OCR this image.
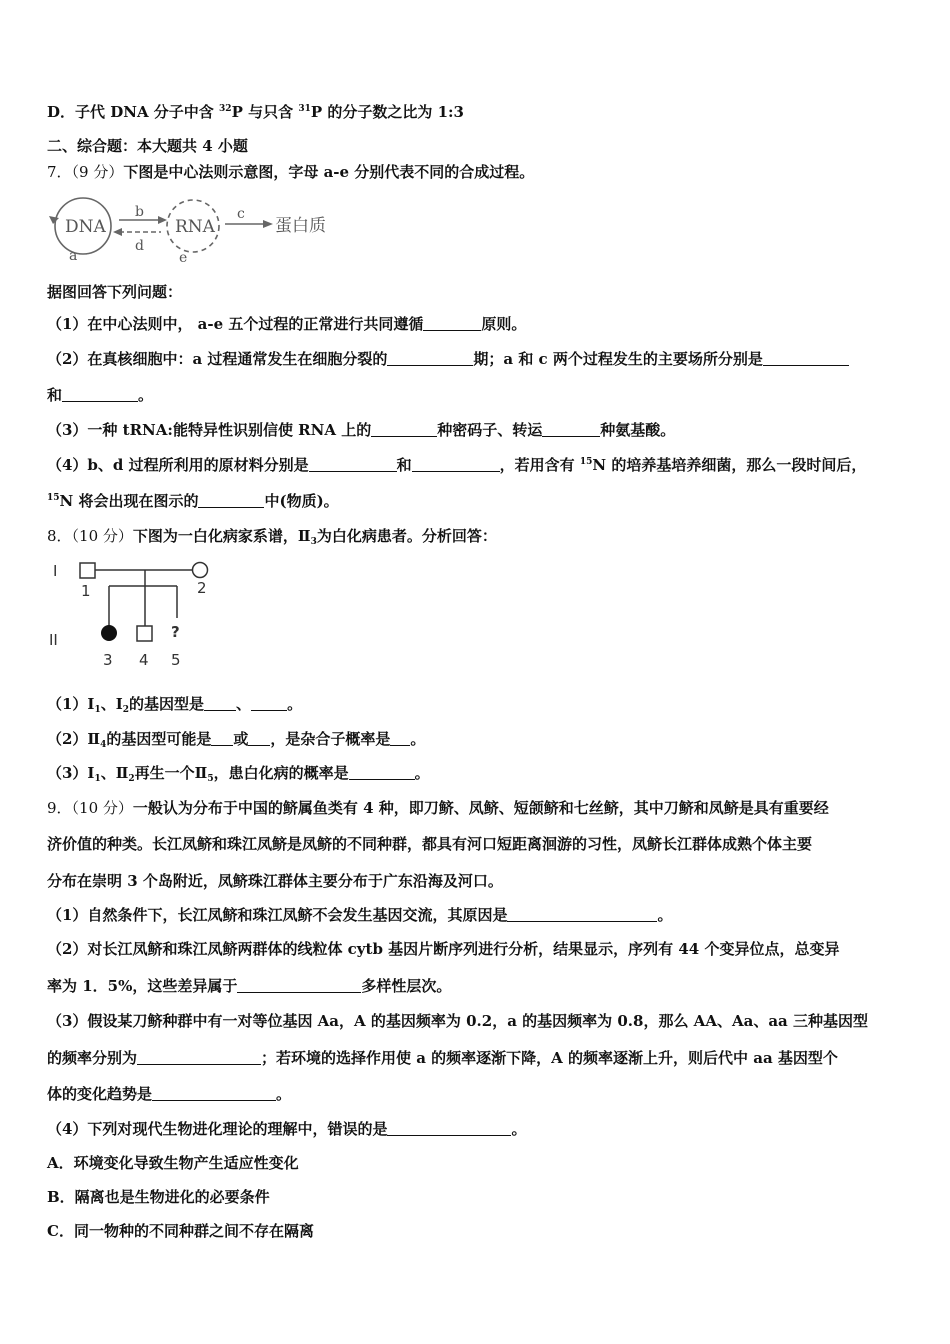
D．子代 DNA 分子中含 $^{32}$P 与只含 $^{31}$P 的分子数之比为 1:3
二、综合题：本大题共 4 小题
7．（9 分）下图是中心法则示意图，字母 a-e 分别代表不同的合成过程。
DNA	RNA	蛋白质
a
b	c
d
e
据图回答下列问题：
（1）在中心法则中， a-e 五个过程的正常进行共同遵循	原则。
（2）在真核细胞中：a 过程通常发生在细胞分裂的	期；a 和 c 两个过程发生的主要场所分别是
和	。
（3）一种 tRNA:能特异性识别信使 RNA 上的	种密码子、转运	种氨基酸。
（4）b、d 过程所利用的原材料分别是	和	，若用含有 $^{15}$N 的培养基培养细菌，那么一段时间后，
$^{15}$N 将会出现在图示的	中(物质)。
8．（10 分）下图为一白化病家系谱，$Ⅱ_3$为白化病患者。分析回答：
I
II
1	2
3 4 5
?
$(1)Ⅰ_1$、$Ⅰ_2$的基因型是 、 。
$(2)Ⅱ_4$的基因型可能是 或 ，是杂合子概率是 。
$(3)Ⅰ_1$、$Ⅱ_2$再生一个$Ⅱ_5$，患白化病的概率是	。
9．（10 分）一般认为分布于中国的鲚属鱼类有 4 种，即刀鲚、凤鲚、短颌鲚和七丝鲚，其中刀鲚和凤鲚是具有重要经
济价值的种类。长江凤鲚和珠江凤鲚是凤鲚的不同种群，都具有河口短距离洄游的习性，凤鲚长江群体成熟个体主要
分布在崇明 3 个岛附近，凤鲚珠江群体主要分布于广东沿海及河口。
（1）自然条件下，长江凤鲚和珠江凤鲚不会发生基因交流，其原因是	。
（2）对长江凤鲚和珠江凤鲚两群体的线粒体 cytb 基因片断序列进行分析，结果显示，序列有 44 个变异位点，总变异
率为 1．5%，这些差异属于	多样性层次。
（3）假设某刀鲚种群中有一对等位基因 Aa，A 的基因频率为 0.2，a 的基因频率为 0.8，那么 AA、Aa、aa 三种基因型
的频率分别为	；若环境的选择作用使 a 的频率逐渐下降，A 的频率逐渐上升，则后代中 aa 基因型个
体的变化趋势是	。
（4）下列对现代生物进化理论的理解中，错误的是	。
A．环境变化导致生物产生适应性变化
B．隔离也是生物进化的必要条件
C．同一物种的不同种群之间不存在隔离
